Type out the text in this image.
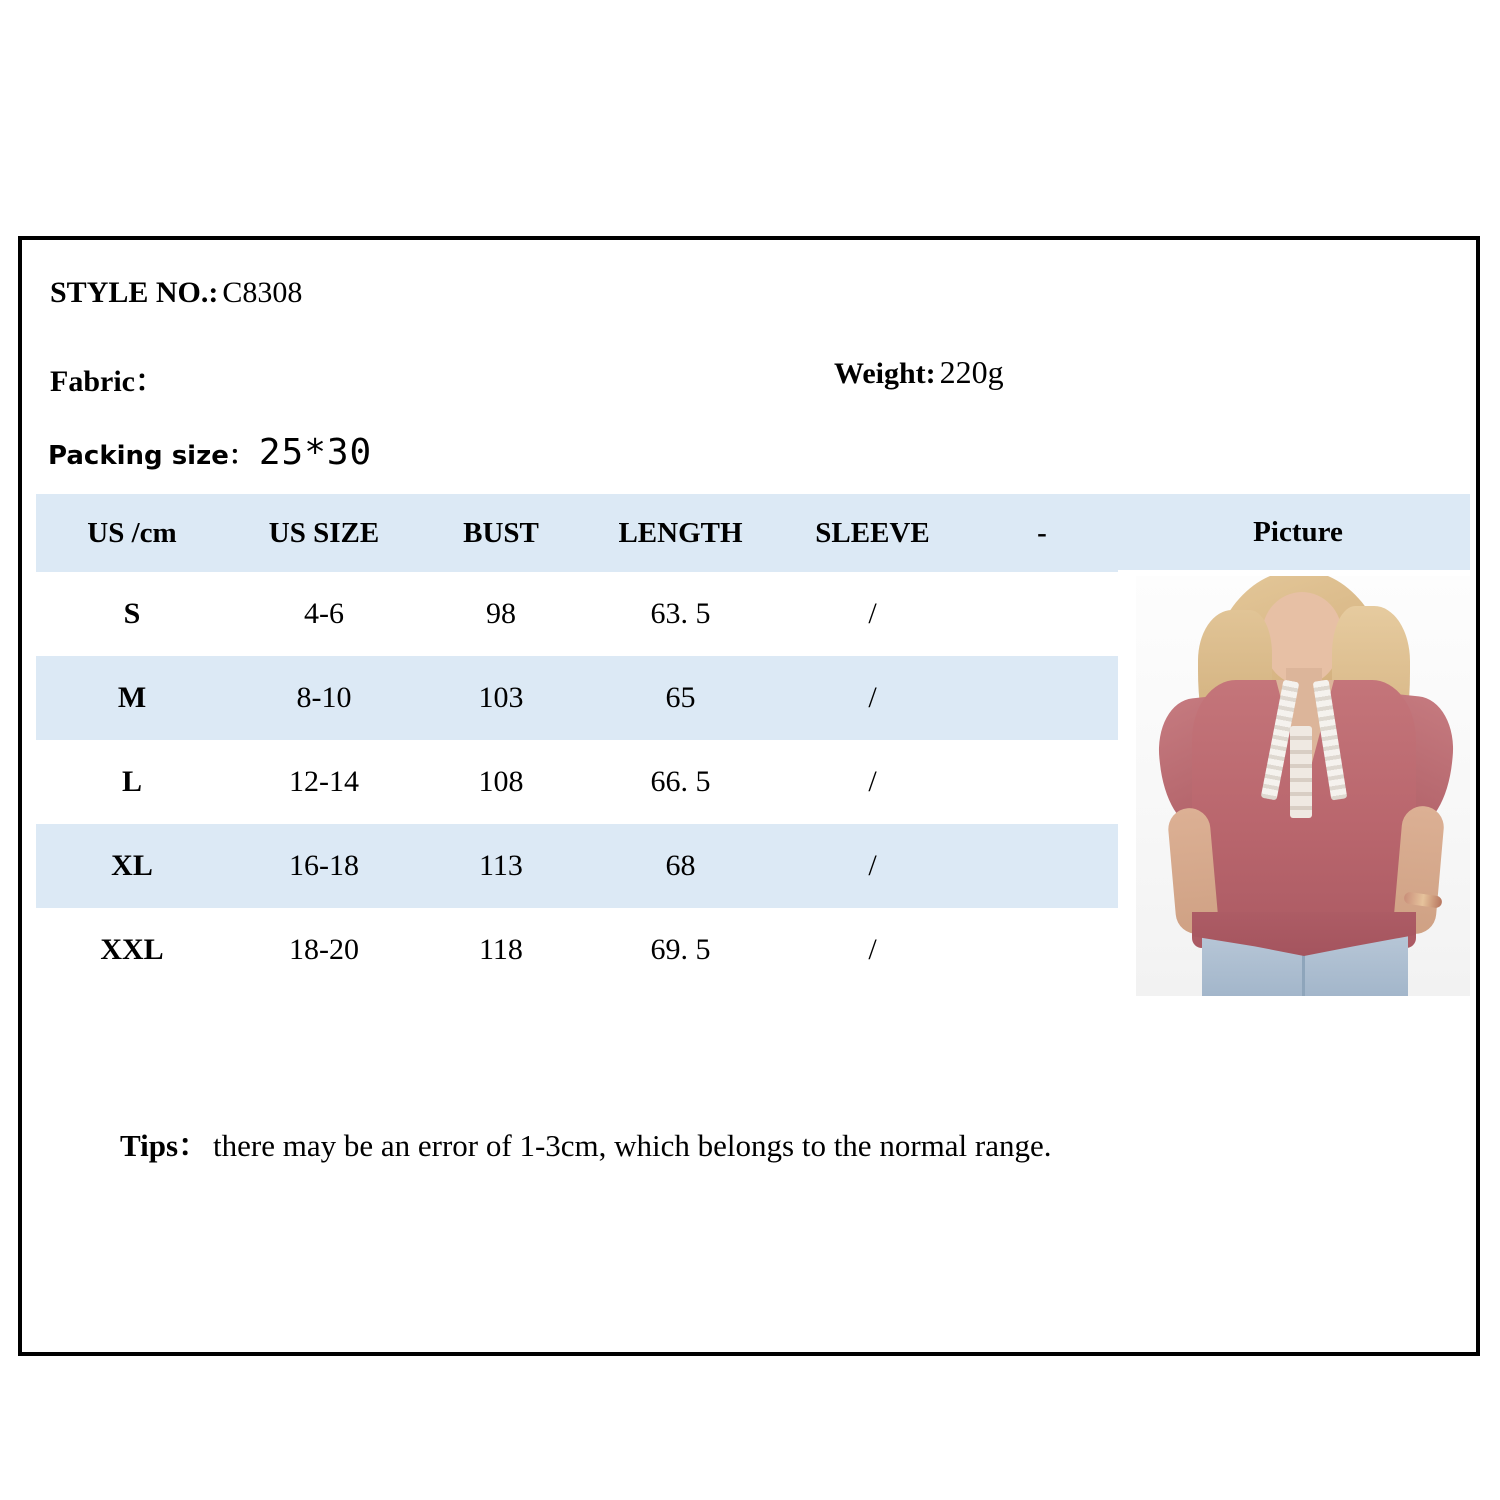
STYLE NO.: C8308
Fabric：	Weight: 220g
Packing size： 25*30
Picture
US /cm	US SIZE	BUST	LENGTH	SLEEVE	-
S	4-6	98	63. 5	/	
M	8-10	103	65	/	
L	12-14	108	66. 5	/	
XL	16-18	113	68	/	
XXL	18-20	118	69. 5	/	
Tips： there may be an error of 1-3cm, which belongs to the normal range.
